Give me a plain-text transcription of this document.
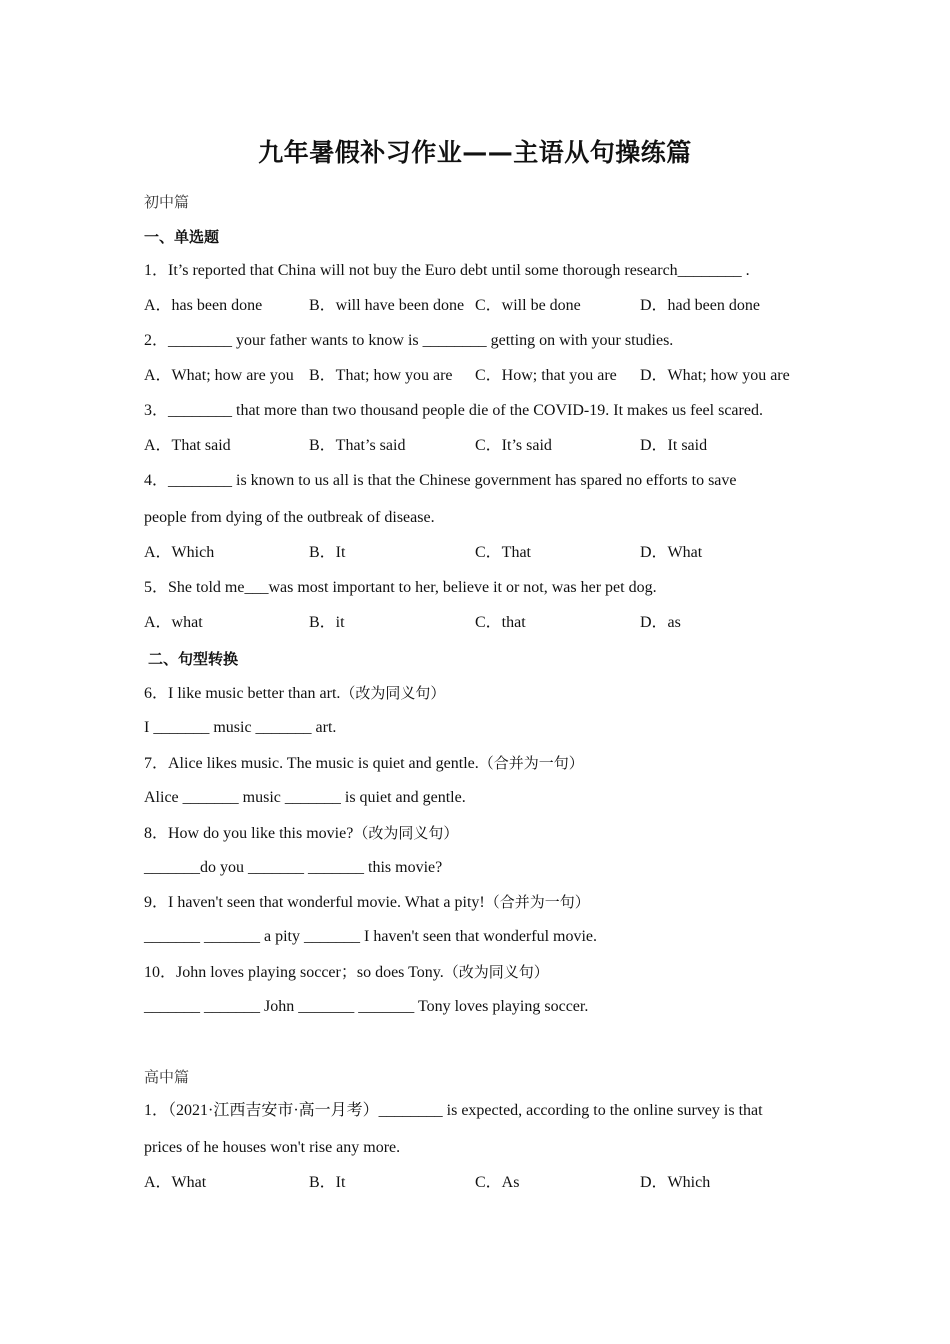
九年暑假补习作业——主语从句操练篇
初中篇
一、单选题
1．It’s reported that China will not buy the Euro debt until some thorough research________ .
A．has been done	B．will have been done C．will be done	D．had been done
2．________ your father wants to know is ________ getting on with your studies.
A．What; how are you B．That; how you are C．How; that you are D．What; how you are
3．________ that more than two thousand people die of the COVID-19. It makes us feel scared.
A．That said	B．That’s said	C．It’s said	D．It said
4．________ is known to us all is that the Chinese government has spared no efforts to save
people from dying of the outbreak of disease.
A．Which	B．It	C．That	D．What
5．She told me___was most important to her, believe it or not, was her pet dog.
A．what	B．it	C．that	D．as
二、句型转换
6．I like music better than art.（改为同义句）
I _______ music _______ art.
7．Alice likes music. The music is quiet and gentle.（合并为一句）
Alice _______ music _______ is quiet and gentle.
8．How do you like this movie?（改为同义句）
_______do you _______ _______ this movie?
9．I haven't seen that wonderful movie. What a pity!（合并为一句）
_______ _______ a pity _______ I haven't seen that wonderful movie.
10．John loves playing soccer；so does Tony.（改为同义句）
_______ _______ John _______ _______ Tony loves playing soccer.
高中篇
1．（2021·江西吉安市·高一月考）________ is expected, according to the online survey is that
prices of he houses won't rise any more.
A．What	B．It	C．As	D．Which
